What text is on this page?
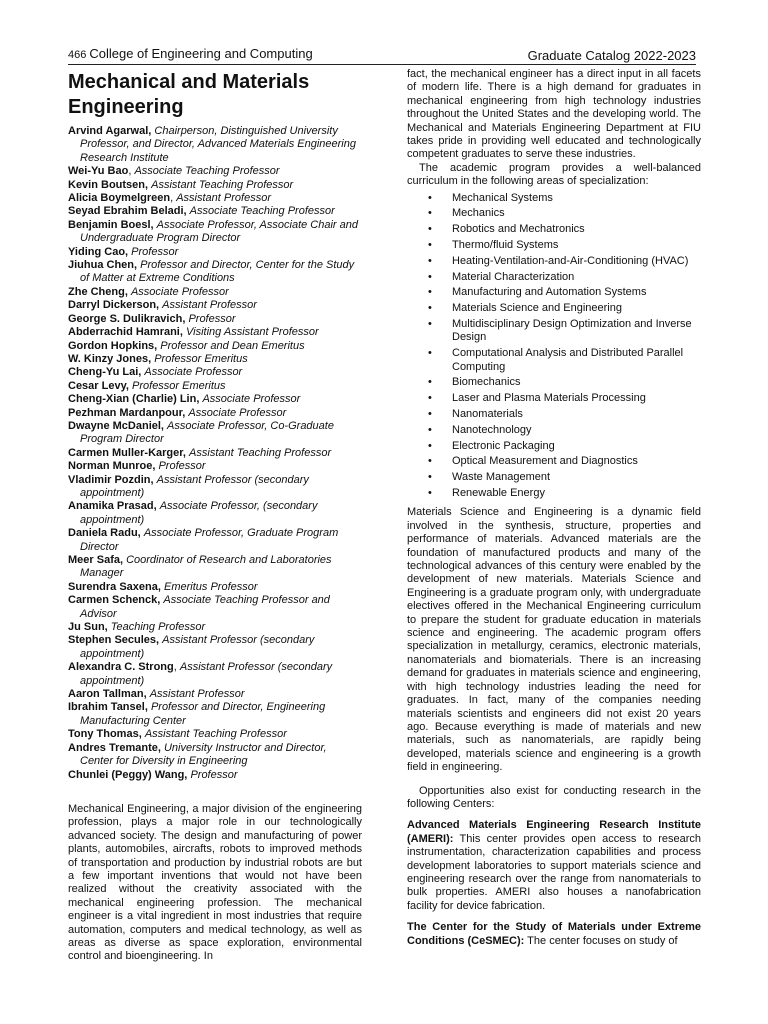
466 College of Engineering and Computing	Graduate Catalog 2022-2023
Mechanical and Materials Engineering
Arvind Agarwal, Chairperson, Distinguished University Professor, and Director, Advanced Materials Engineering Research Institute
Wei-Yu Bao, Associate Teaching Professor
Kevin Boutsen, Assistant Teaching Professor
Alicia Boymelgreen, Assistant Professor
Seyad Ebrahim Beladi, Associate Teaching Professor
Benjamin Boesl, Associate Professor, Associate Chair and Undergraduate Program Director
Yiding Cao, Professor
Jiuhua Chen, Professor and Director, Center for the Study of Matter at Extreme Conditions
Zhe Cheng, Associate Professor
Darryl Dickerson, Assistant Professor
George S. Dulikravich, Professor
Abderrachid Hamrani, Visiting Assistant Professor
Gordon Hopkins, Professor and Dean Emeritus
W. Kinzy Jones, Professor Emeritus
Cheng-Yu Lai, Associate Professor
Cesar Levy, Professor Emeritus
Cheng-Xian (Charlie) Lin, Associate Professor
Pezhman Mardanpour, Associate Professor
Dwayne McDaniel, Associate Professor, Co-Graduate Program Director
Carmen Muller-Karger, Assistant Teaching Professor
Norman Munroe, Professor
Vladimir Pozdin, Assistant Professor (secondary appointment)
Anamika Prasad, Associate Professor, (secondary appointment)
Daniela Radu, Associate Professor, Graduate Program Director
Meer Safa, Coordinator of Research and Laboratories Manager
Surendra Saxena, Emeritus Professor
Carmen Schenck, Associate Teaching Professor and Advisor
Ju Sun, Teaching Professor
Stephen Secules, Assistant Professor (secondary appointment)
Alexandra C. Strong, Assistant Professor (secondary appointment)
Aaron Tallman, Assistant Professor
Ibrahim Tansel, Professor and Director, Engineering Manufacturing Center
Tony Thomas, Assistant Teaching Professor
Andres Tremante, University Instructor and Director, Center for Diversity in Engineering
Chunlei (Peggy) Wang, Professor

Mechanical Engineering, a major division of the engineering profession, plays a major role in our technologically advanced society. The design and manufacturing of power plants, automobiles, aircrafts, robots to improved methods of transportation and production by industrial robots are but a few important inventions that would not have been realized without the creativity associated with the mechanical engineering profession. The mechanical engineer is a vital ingredient in most industries that require automation, computers and medical technology, as well as areas as diverse as space exploration, environmental control and bioengineering. In

fact, the mechanical engineer has a direct input in all facets of modern life. There is a high demand for graduates in mechanical engineering from high technology industries throughout the United States and the developing world. The Mechanical and Materials Engineering Department at FIU takes pride in providing well educated and technologically competent graduates to serve these industries.

The academic program provides a well-balanced curriculum in the following areas of specialization:

• Mechanical Systems
• Mechanics
• Robotics and Mechatronics
• Thermo/fluid Systems
• Heating-Ventilation-and-Air-Conditioning (HVAC)
• Material Characterization
• Manufacturing and Automation Systems
• Materials Science and Engineering
• Multidisciplinary Design Optimization and Inverse Design
• Computational Analysis and Distributed Parallel Computing
• Biomechanics
• Laser and Plasma Materials Processing
• Nanomaterials
• Nanotechnology
• Electronic Packaging
• Optical Measurement and Diagnostics
• Waste Management
• Renewable Energy

Materials Science and Engineering is a dynamic field involved in the synthesis, structure, properties and performance of materials. Advanced materials are the foundation of manufactured products and many of the technological advances of this century were enabled by the development of new materials. Materials Science and Engineering is a graduate program only, with undergraduate electives offered in the Mechanical Engineering curriculum to prepare the student for graduate education in materials science and engineering. The academic program offers specialization in metallurgy, ceramics, electronic materials, nanomaterials and biomaterials. There is an increasing demand for graduates in materials science and engineering, with high technology industries leading the need for graduates. In fact, many of the companies needing materials scientists and engineers did not exist 20 years ago. Because everything is made of materials and new materials, such as nanomaterials, are rapidly being developed, materials science and engineering is a growth field in engineering.

Opportunities also exist for conducting research in the following Centers:

Advanced Materials Engineering Research Institute (AMERI): This center provides open access to research instrumentation, characterization capabilities and process development laboratories to support materials science and engineering research over the range from nanomaterials to bulk properties. AMERI also houses a nanofabrication facility for device fabrication.

The Center for the Study of Materials under Extreme Conditions (CeSMEC): The center focuses on study of
